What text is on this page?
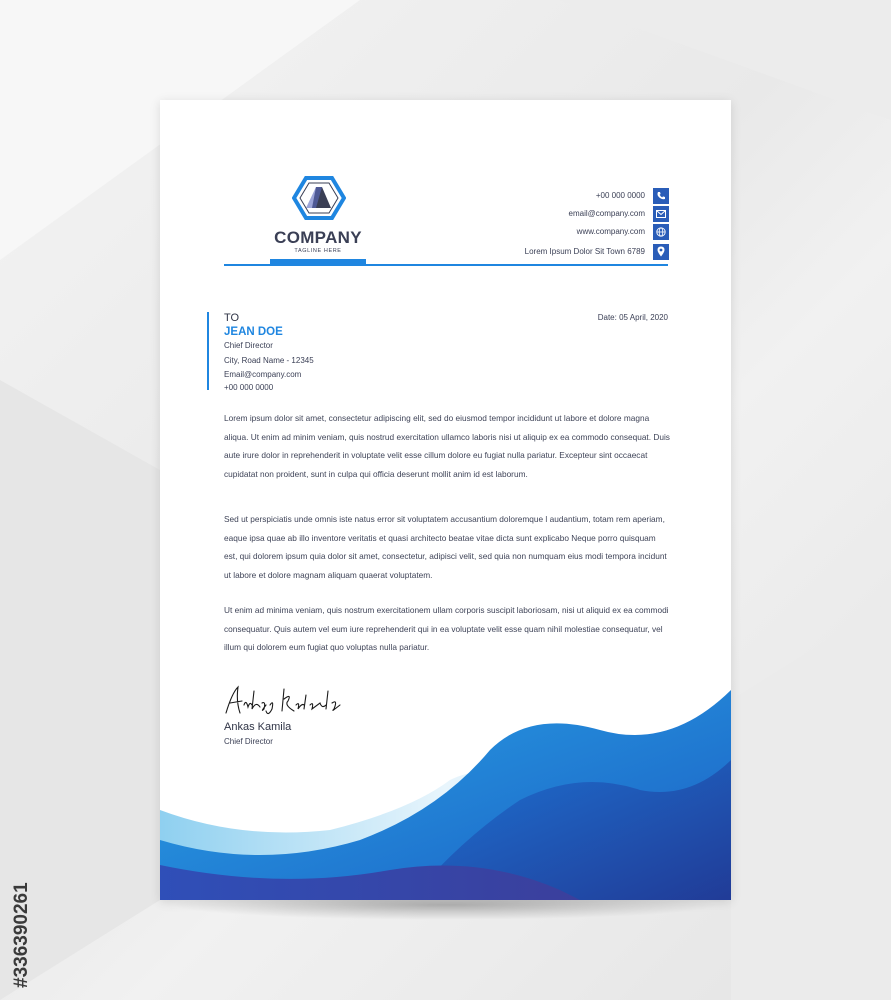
COMPANY
TAGLINE HERE
+00 000 0000
email@company.com
www.company.com
Lorem Ipsum Dolor Sit Town 6789
TO
JEAN DOE
Chief Director
City, Road Name - 12345
Email@company.com
+00 000 0000
Date: 05 April, 2020

Lorem ipsum dolor sit amet, consectetur adipiscing elit, sed do eiusmod tempor incididunt ut labore et dolore magna aliqua. Ut enim ad minim veniam, quis nostrud exercitation ullamco laboris nisi ut aliquip ex ea commodo consequat. Duis aute irure dolor in reprehenderit in voluptate velit esse cillum dolore eu fugiat nulla pariatur. Excepteur sint occaecat cupidatat non proident, sunt in culpa qui officia deserunt mollit anim id est laborum.

Sed ut perspiciatis unde omnis iste natus error sit voluptatem accusantium doloremque l audantium, totam rem aperiam, eaque ipsa quae ab illo inventore veritatis et quasi architecto beatae vitae dicta sunt explicabo Neque porro quisquam est, qui dolorem ipsum quia dolor sit amet, consectetur, adipisci velit, sed quia non numquam eius modi tempora incidunt ut labore et dolore magnam aliquam quaerat voluptatem.

Ut enim ad minima veniam, quis nostrum exercitationem ullam corporis suscipit laboriosam, nisi ut aliquid ex ea commodi consequatur. Quis autem vel eum iure reprehenderit qui in ea voluptate velit esse quam nihil molestiae consequatur, vel illum qui dolorem eum fugiat quo voluptas nulla pariatur.

Ankas Kamila
Chief Director
#336390261
